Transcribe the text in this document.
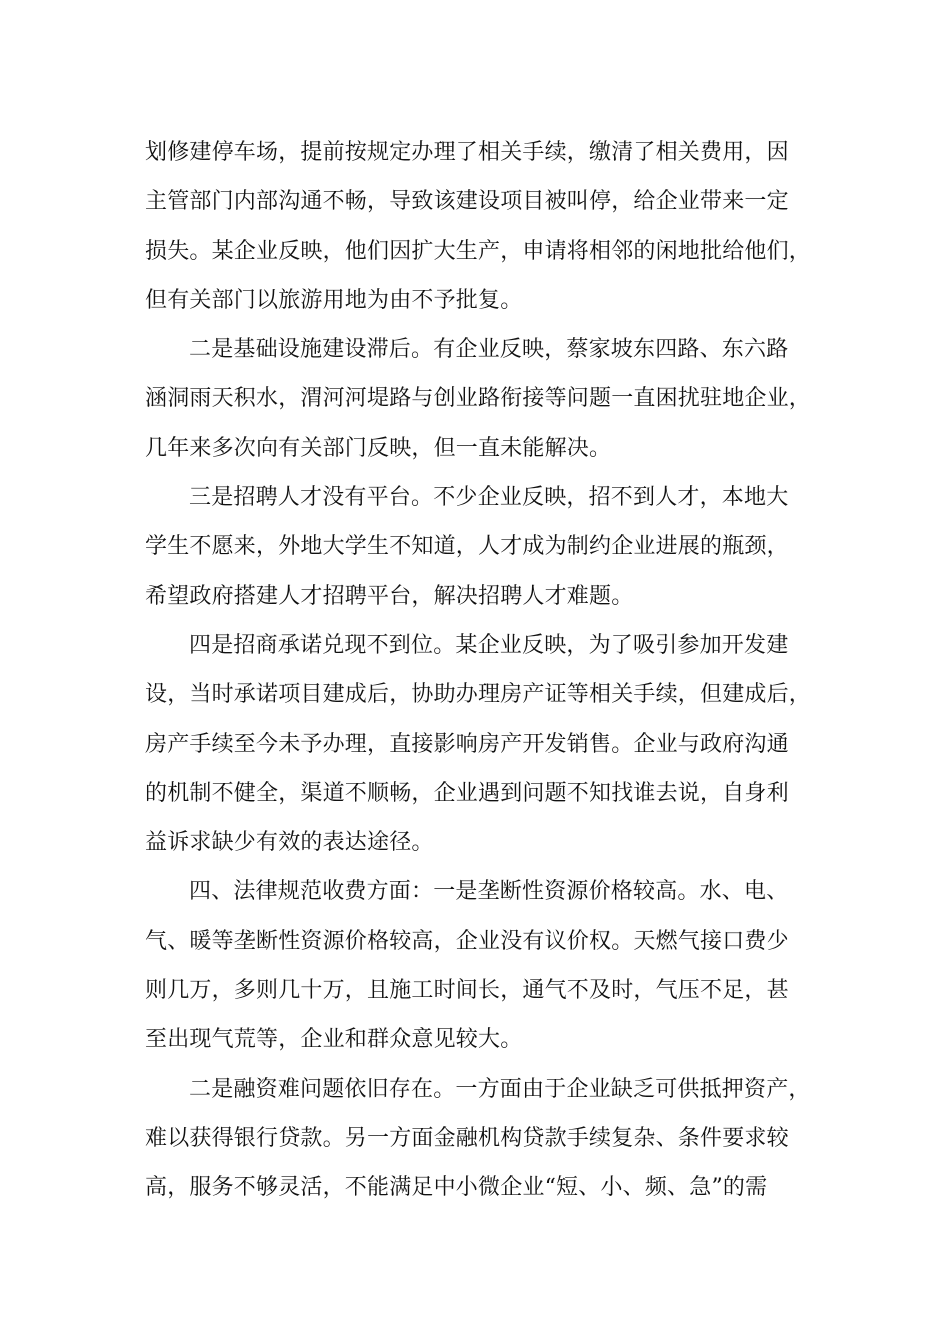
划修建停车场，提前按规定办理了相关手续，缴清了相关费用，因
主管部门内部沟通不畅，导致该建设项目被叫停，给企业带来一定
损失。某企业反映，他们因扩大生产，申请将相邻的闲地批给他们，
但有关部门以旅游用地为由不予批复。
二是基础设施建设滞后。有企业反映，蔡家坡东四路、东六路
涵洞雨天积水，渭河河堤路与创业路衔接等问题一直困扰驻地企业，
几年来多次向有关部门反映，但一直未能解决。
三是招聘人才没有平台。不少企业反映，招不到人才，本地大
学生不愿来，外地大学生不知道，人才成为制约企业进展的瓶颈，
希望政府搭建人才招聘平台，解决招聘人才难题。
四是招商承诺兑现不到位。某企业反映，为了吸引参加开发建
设，当时承诺项目建成后，协助办理房产证等相关手续，但建成后，
房产手续至今未予办理，直接影响房产开发销售。企业与政府沟通
的机制不健全，渠道不顺畅，企业遇到问题不知找谁去说，自身利
益诉求缺少有效的表达途径。
四、法律规范收费方面：一是垄断性资源价格较高。水、电、
气、暖等垄断性资源价格较高，企业没有议价权。天燃气接口费少
则几万，多则几十万，且施工时间长，通气不及时，气压不足，甚
至出现气荒等，企业和群众意见较大。
二是融资难问题依旧存在。一方面由于企业缺乏可供抵押资产，
难以获得银行贷款。另一方面金融机构贷款手续复杂、条件要求较
高，服务不够灵活，不能满足中小微企业“短、小、频、急”的需
